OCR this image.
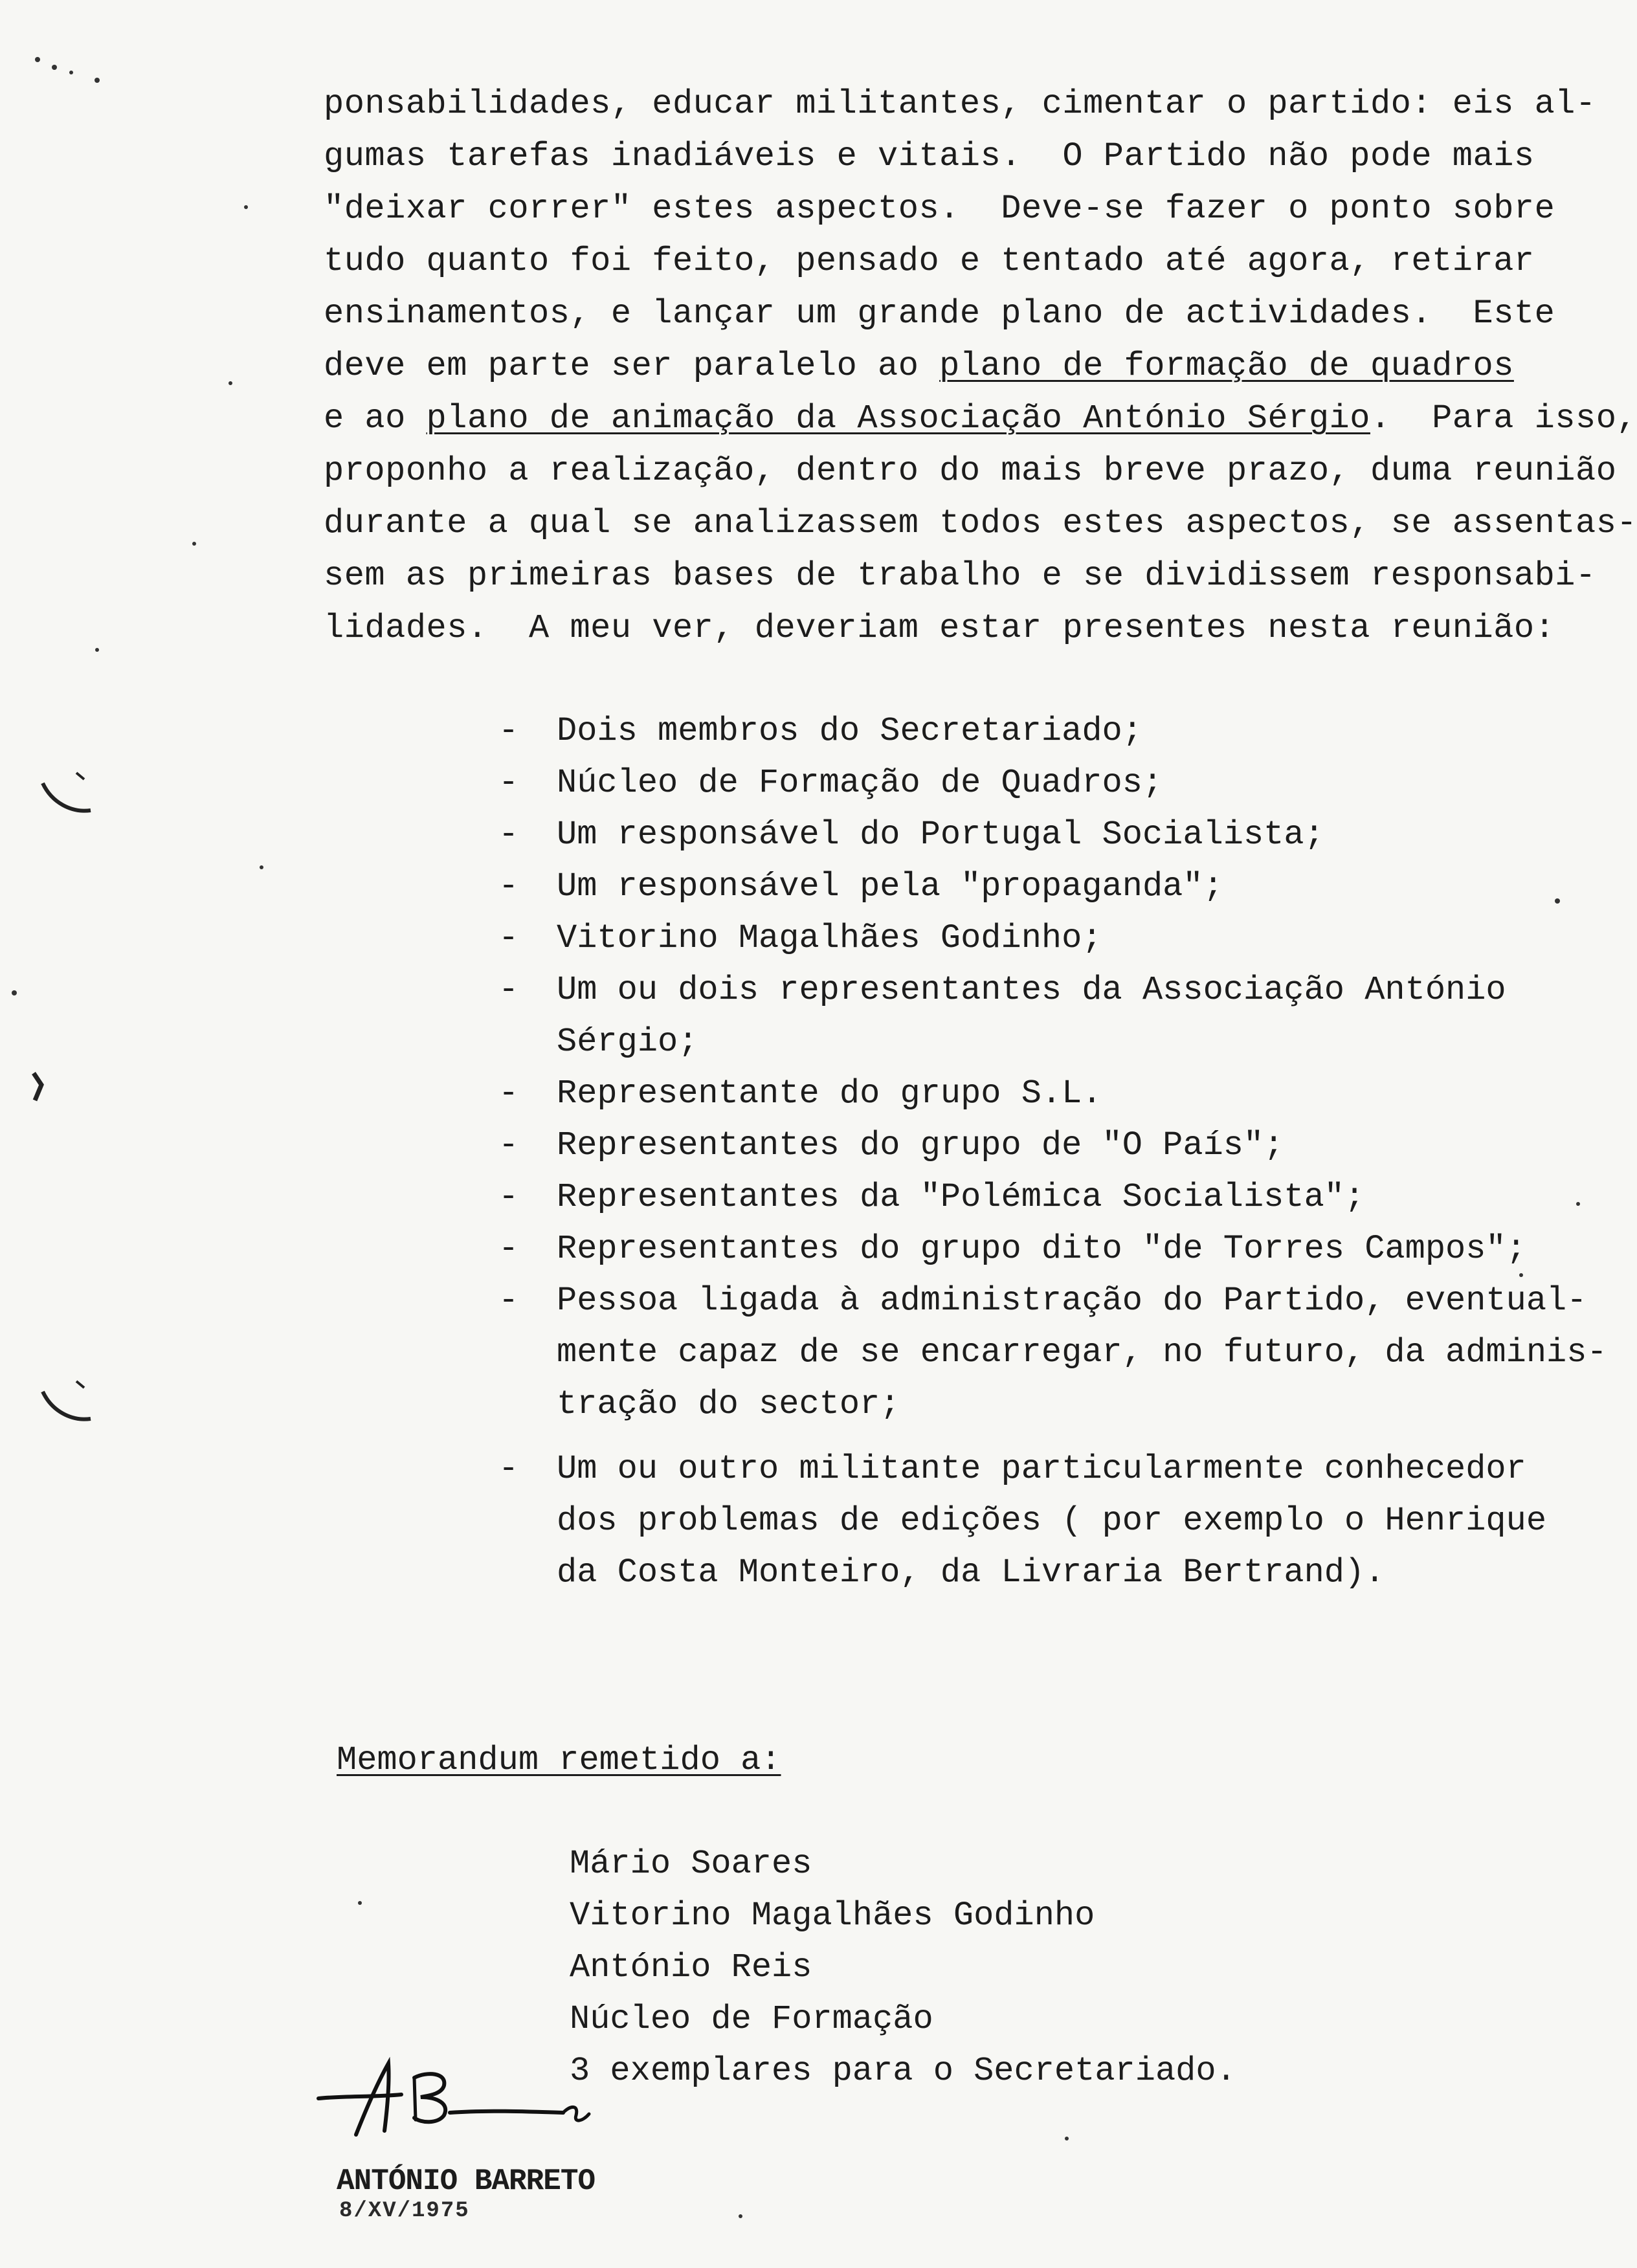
ponsabilidades, educar militantes, cimentar o partido: eis al-
gumas tarefas inadiáveis e vitais.  O Partido não pode mais
"deixar correr" estes aspectos.  Deve-se fazer o ponto sobre
tudo quanto foi feito, pensado e tentado até agora, retirar
ensinamentos, e lançar um grande plano de actividades.  Este
deve em parte ser paralelo ao plano de formação de quadros
e ao plano de animação da Associação António Sérgio.  Para isso,
proponho a realização, dentro do mais breve prazo, duma reunião
durante a qual se analizassem todos estes aspectos, se assentas-
sem as primeiras bases de trabalho e se dividissem responsabi-
lidades.  A meu ver, deveriam estar presentes nesta reunião:
- Dois membros do Secretariado;
- Núcleo de Formação de Quadros;
- Um responsável do Portugal Socialista;
- Um responsável pela "propaganda";
- Vitorino Magalhães Godinho;
- Um ou dois representantes da Associação António
Sérgio;
- Representante do grupo S.L.
- Representantes do grupo de "O País";
- Representantes da "Polémica Socialista";
- Representantes do grupo dito "de Torres Campos";
- Pessoa ligada à administração do Partido, eventual-
mente capaz de se encarregar, no futuro, da adminis-
tração do sector;
- Um ou outro militante particularmente conhecedor
dos problemas de edições ( por exemplo o Henrique
da Costa Monteiro, da Livraria Bertrand).
Memorandum remetido a:
Mário Soares
Vitorino Magalhães Godinho
António Reis
Núcleo de Formação
3 exemplares para o Secretariado.
ANTÓNIO BARRETO
8/XV/1975
